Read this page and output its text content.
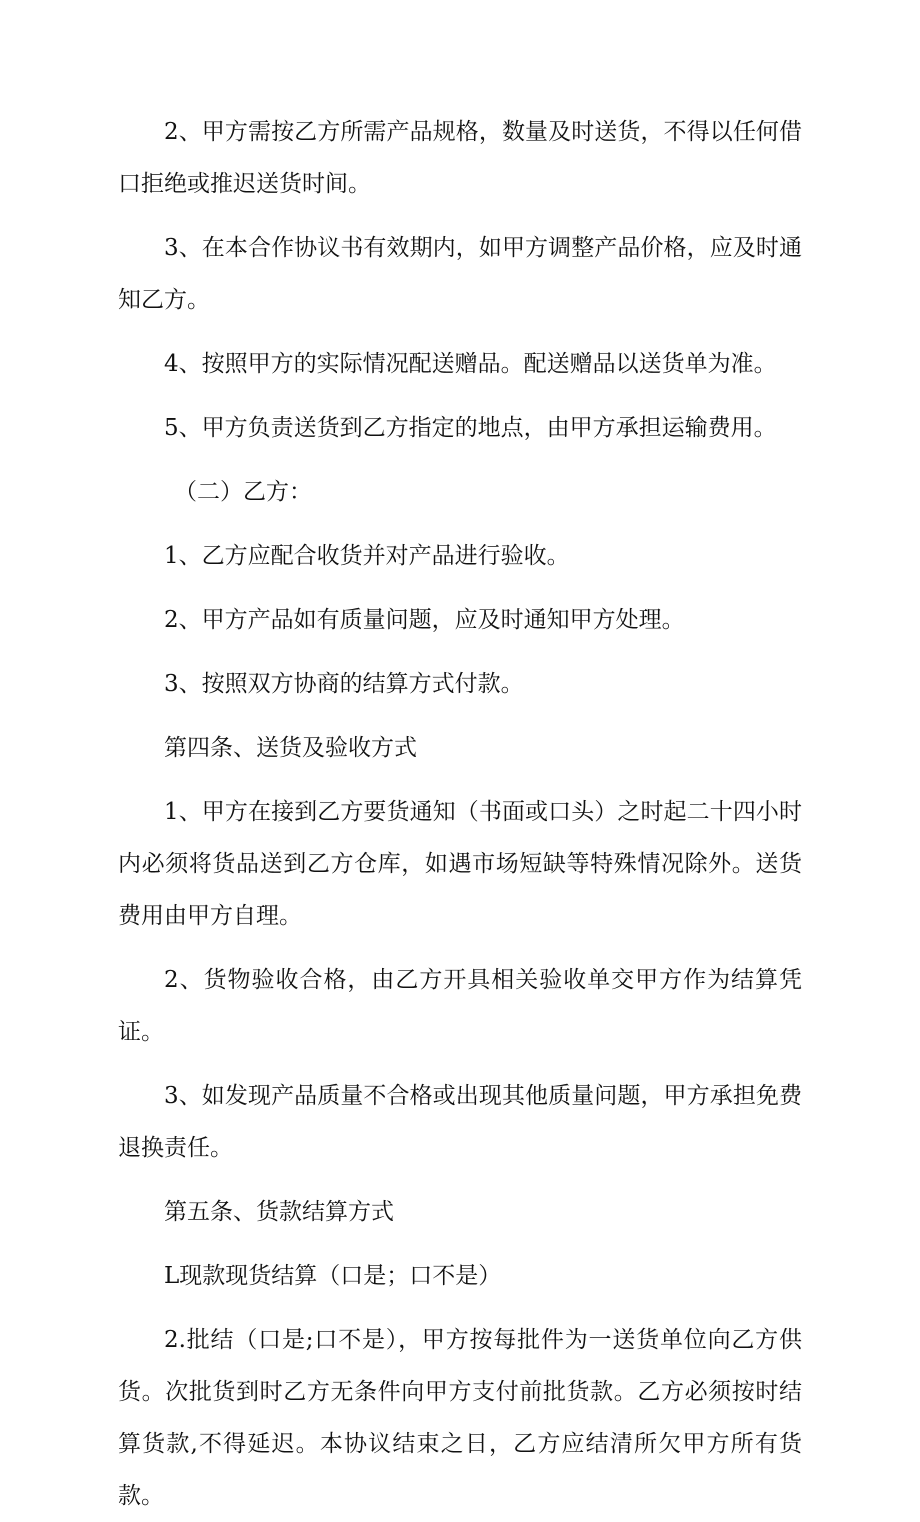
2、甲方需按乙方所需产品规格，数量及时送货，不得以任何借口拒绝或推迟送货时间。

3、在本合作协议书有效期内，如甲方调整产品价格，应及时通知乙方。

4、按照甲方的实际情况配送赠品。配送赠品以送货单为准。

5、甲方负责送货到乙方指定的地点，由甲方承担运输费用。

（二）乙方：

1、乙方应配合收货并对产品进行验收。

2、甲方产品如有质量问题，应及时通知甲方处理。

3、按照双方协商的结算方式付款。

第四条、送货及验收方式

1、甲方在接到乙方要货通知（书面或口头）之时起二十四小时内必须将货品送到乙方仓库，如遇市场短缺等特殊情况除外。送货费用由甲方自理。

2、货物验收合格，由乙方开具相关验收单交甲方作为结算凭证。

3、如发现产品质量不合格或出现其他质量问题，甲方承担免费退换责任。

第五条、货款结算方式

L现款现货结算（口是；口不是）

2.批结（口是;口不是），甲方按每批件为一送货单位向乙方供货。次批货到时乙方无条件向甲方支付前批货款。乙方必须按时结算货款,不得延迟。本协议结束之日，乙方应结清所欠甲方所有货款。
